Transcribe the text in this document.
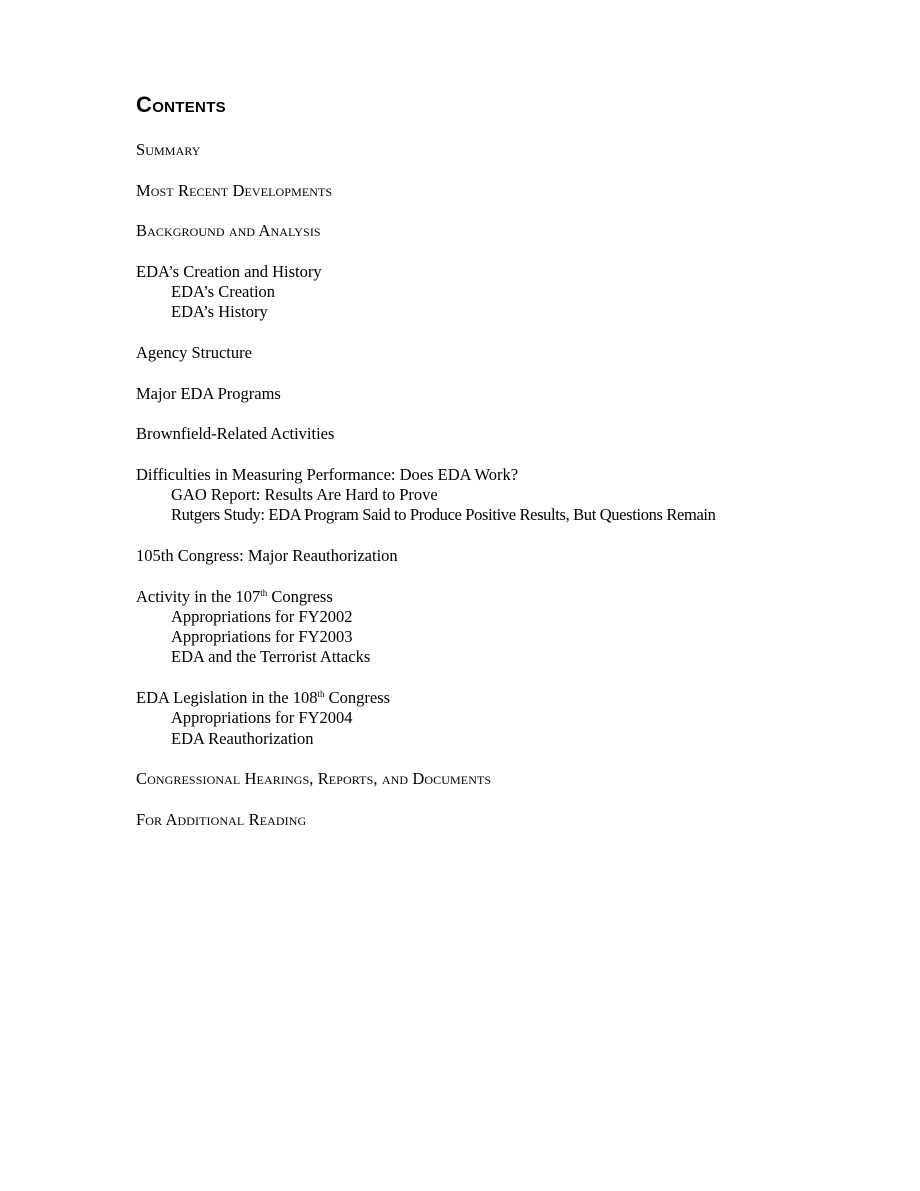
Contents
Summary
Most Recent Developments
Background and Analysis
EDA’s Creation and History
EDA’s Creation
EDA’s History
Agency Structure
Major EDA Programs
Brownfield-Related Activities
Difficulties in Measuring Performance: Does EDA Work?
GAO Report: Results Are Hard to Prove
Rutgers Study: EDA Program Said to Produce Positive Results, But Questions Remain
105th Congress: Major Reauthorization
Activity in the 107th Congress
Appropriations for FY2002
Appropriations for FY2003
EDA and the Terrorist Attacks
EDA Legislation in the 108th Congress
Appropriations for FY2004
EDA Reauthorization
Congressional Hearings, Reports, and Documents
For Additional Reading
